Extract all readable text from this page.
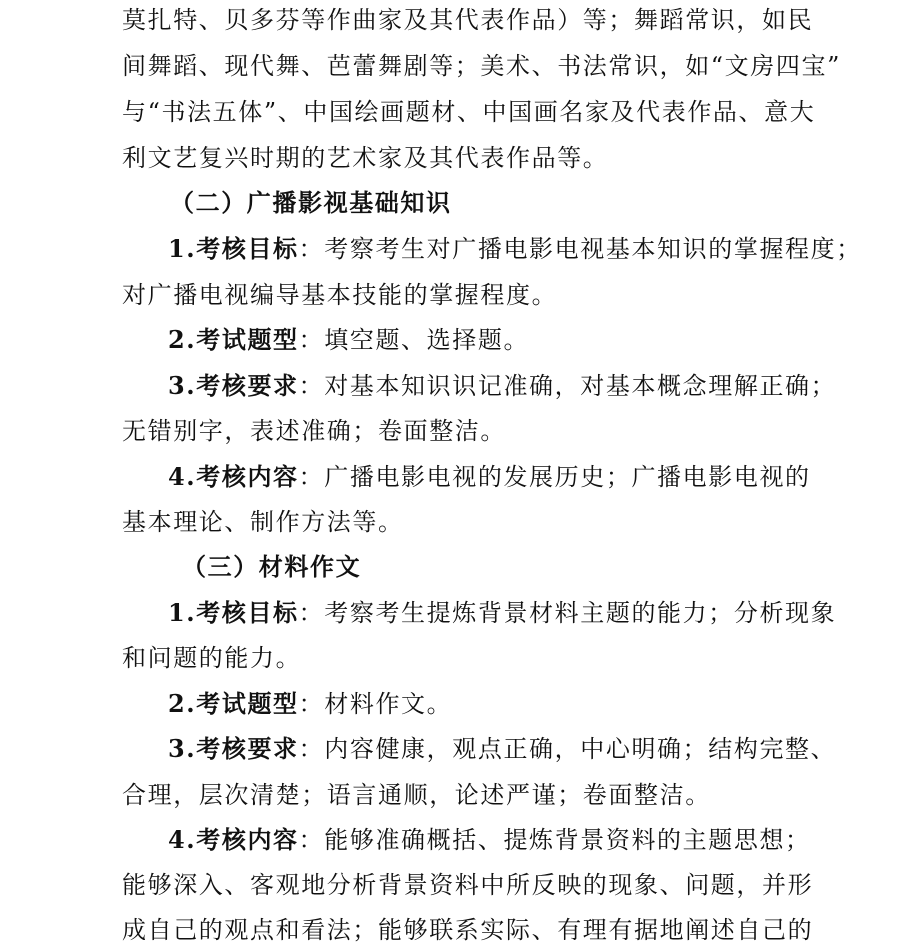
莫扎特、贝多芬等作曲家及其代表作品）等；舞蹈常识，如民
间舞蹈、现代舞、芭蕾舞剧等；美术、书法常识，如“文房四宝”
与“书法五体”、中国绘画题材、中国画名家及代表作品、意大
利文艺复兴时期的艺术家及其代表作品等。
（二）广播影视基础知识
1.考核目标：考察考生对广播电影电视基本知识的掌握程度；
对广播电视编导基本技能的掌握程度。
2.考试题型：填空题、选择题。
3.考核要求：对基本知识识记准确，对基本概念理解正确；
无错别字，表述准确；卷面整洁。
4.考核内容：广播电影电视的发展历史；广播电影电视的
基本理论、制作方法等。
（三）材料作文
1.考核目标：考察考生提炼背景材料主题的能力；分析现象
和问题的能力。
2.考试题型：材料作文。
3.考核要求：内容健康，观点正确，中心明确；结构完整、
合理，层次清楚；语言通顺，论述严谨；卷面整洁。
4.考核内容：能够准确概括、提炼背景资料的主题思想；
能够深入、客观地分析背景资料中所反映的现象、问题，并形
成自己的观点和看法；能够联系实际、有理有据地阐述自己的
